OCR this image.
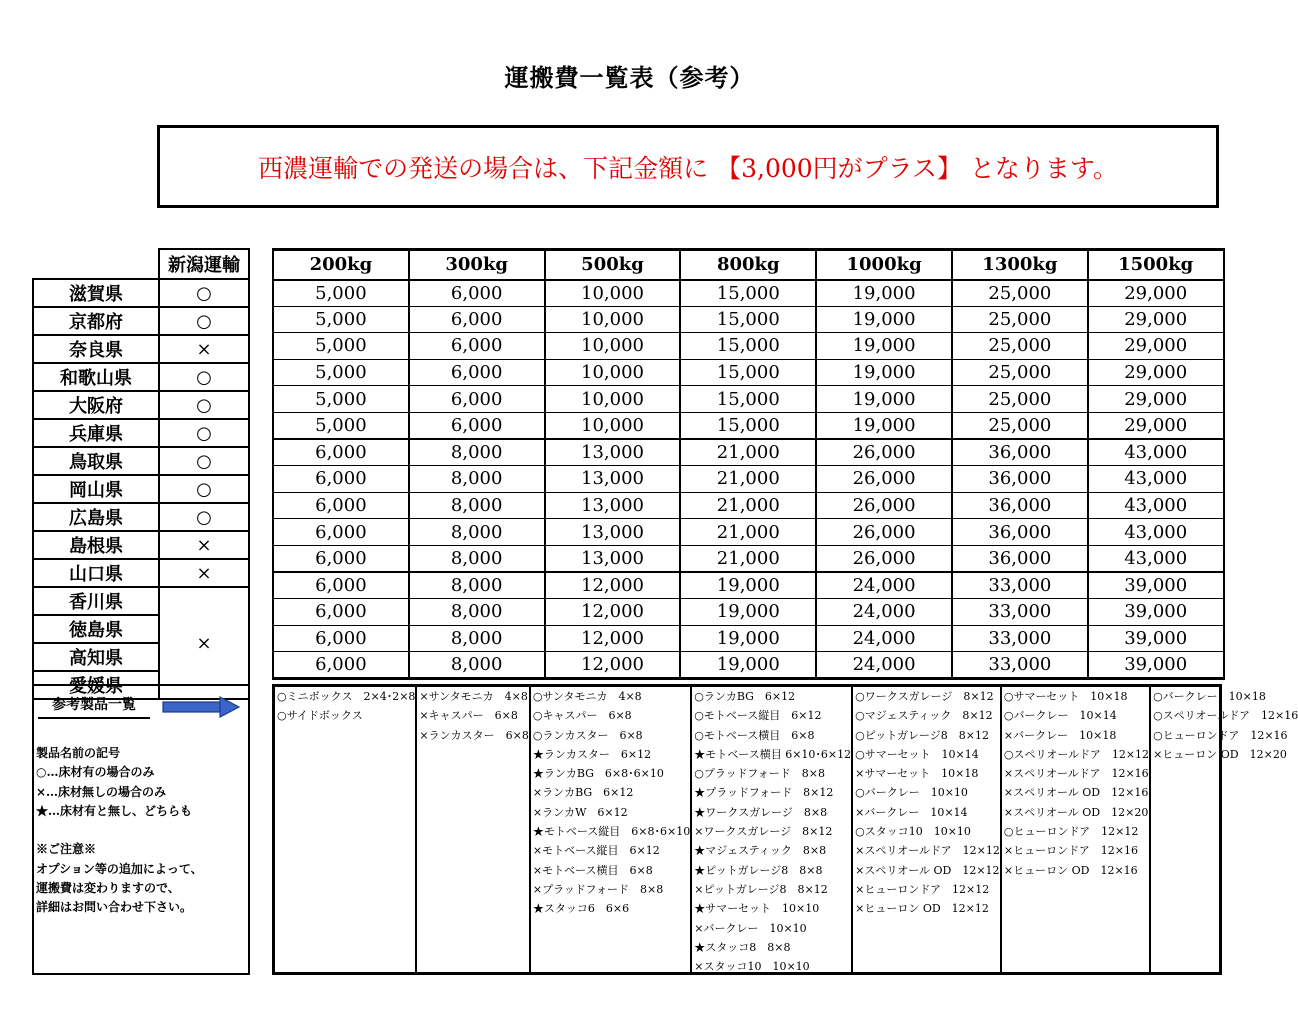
運搬費一覧表（参考）
西濃運輸での発送の場合は、下記金額に 【3,000円がプラス】 となります。
	新潟運輸
滋賀県	○
京都府	○
奈良県	×
和歌山県	○
大阪府	○
兵庫県	○
鳥取県	○
岡山県	○
広島県	○
島根県	×
山口県	×
香川県	×
徳島県	
高知県	
愛媛県	
200kg	300kg	500kg	800kg	1000kg	1300kg	1500kg
5,000	6,000	10,000	15,000	19,000	25,000	29,000
5,000	6,000	10,000	15,000	19,000	25,000	29,000
5,000	6,000	10,000	15,000	19,000	25,000	29,000
5,000	6,000	10,000	15,000	19,000	25,000	29,000
5,000	6,000	10,000	15,000	19,000	25,000	29,000
5,000	6,000	10,000	15,000	19,000	25,000	29,000
6,000	8,000	13,000	21,000	26,000	36,000	43,000
6,000	8,000	13,000	21,000	26,000	36,000	43,000
6,000	8,000	13,000	21,000	26,000	36,000	43,000
6,000	8,000	13,000	21,000	26,000	36,000	43,000
6,000	8,000	13,000	21,000	26,000	36,000	43,000
6,000	8,000	12,000	19,000	24,000	33,000	39,000
6,000	8,000	12,000	19,000	24,000	33,000	39,000
6,000	8,000	12,000	19,000	24,000	33,000	39,000
6,000	8,000	12,000	19,000	24,000	33,000	39,000
参考製品一覧
製品名前の記号
○…床材有の場合のみ
×…床材無しの場合のみ
★…床材有と無し、どちらも
※ご注意※
オプション等の追加によって、
運搬費は変わりますので、
詳細はお問い合わせ下さい。
○ミニボックス　2×4･2×8
○サイドボックス
×サンタモニカ　4×8
×キャスパー　6×8
×ランカスター　6×8
○サンタモニカ　4×8
○キャスパー　6×8
○ランカスター　6×8
★ランカスター　6×12
★ランカBG　6×8･6×10
×ランカBG　6×12
×ランカW　6×12
★モトベース縦目　6×8･6×10
×モトベース縦目　6×12
×モトベース横目　6×8
×プラッドフォード　8×8
★スタッコ6　6×6
○ランカBG　6×12
○モトベース縦目　6×12
○モトベース横目　6×8
★モトベース横目 6×10･6×12
○プラッドフォード　8×8
★プラッドフォード　8×12
★ワークスガレージ　8×8
×ワークスガレージ　8×12
★マジェスティック　8×8
★ピットガレージ8　8×8
×ピットガレージ8　8×12
★サマーセット　10×10
×バークレー　10×10
★スタッコ8　8×8
×スタッコ10　10×10
○ワークスガレージ　8×12
○マジェスティック　8×12
○ピットガレージ8　8×12
○サマーセット　10×14
×サマーセット　10×18
○バークレー　10×10
×バークレー　10×14
○スタッコ10　10×10
×スペリオールドア　12×12
×スペリオール OD　12×12
×ヒューロンドア　12×12
×ヒューロン OD　12×12
○サマーセット　10×18
○バークレー　10×14
×バークレー　10×18
○スペリオールドア　12×12
×スペリオールドア　12×16
×スペリオール OD　12×16
×スペリオール OD　12×20
○ヒューロンドア　12×12
×ヒューロンドア　12×16
×ヒューロン OD　12×16
○バークレー　10×18
○スペリオールドア　12×16
○ヒューロンドア　12×16
×ヒューロン OD　12×20
